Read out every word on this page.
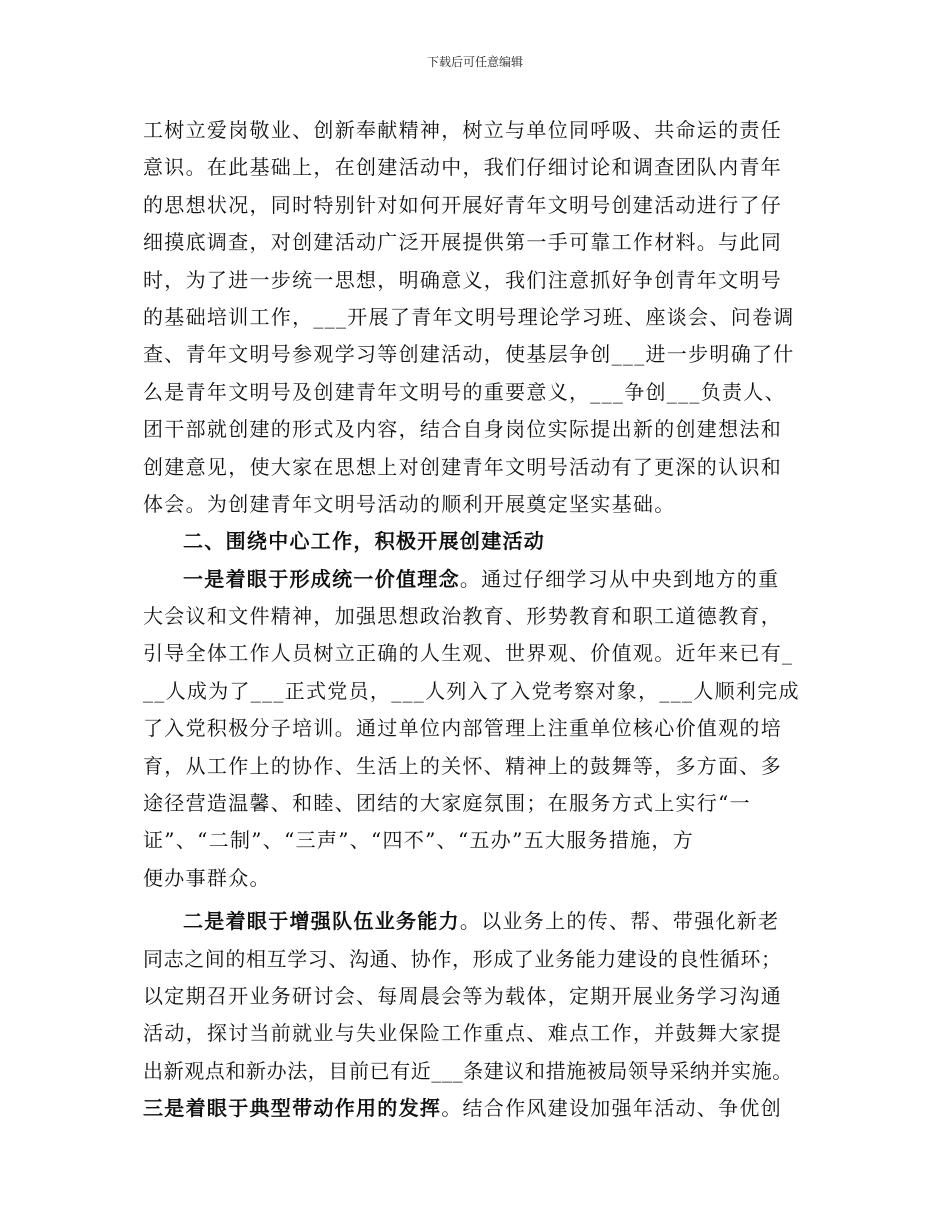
下载后可任意编辑
工树立爱岗敬业、创新奉献精神，树立与单位同呼吸、共命运的责任
意识。在此基础上，在创建活动中，我们仔细讨论和调查团队内青年
的思想状况，同时特别针对如何开展好青年文明号创建活动进行了仔
细摸底调查，对创建活动广泛开展提供第一手可靠工作材料。与此同
时，为了进一步统一思想，明确意义，我们注意抓好争创青年文明号
的基础培训工作，___开展了青年文明号理论学习班、座谈会、问卷调
查、青年文明号参观学习等创建活动，使基层争创___进一步明确了什
么是青年文明号及创建青年文明号的重要意义，___争创___负责人、
团干部就创建的形式及内容，结合自身岗位实际提出新的创建想法和
创建意见，使大家在思想上对创建青年文明号活动有了更深的认识和
体会。为创建青年文明号活动的顺利开展奠定坚实基础。
二、围绕中心工作，积极开展创建活动
一是着眼于形成统一价值理念。通过仔细学习从中央到地方的重
大会议和文件精神，加强思想政治教育、形势教育和职工道德教育，
引导全体工作人员树立正确的人生观、世界观、价值观。近年来已有_
__人成为了___正式党员，___人列入了入党考察对象，___人顺利完成
了入党积极分子培训。通过单位内部管理上注重单位核心价值观的培
育，从工作上的协作、生活上的关怀、精神上的鼓舞等，多方面、多
途径营造温馨、和睦、团结的大家庭氛围；在服务方式上实行“一
证”、“二制”、“三声”、“四不”、“五办”五大服务措施，方
便办事群众。
二是着眼于增强队伍业务能力。以业务上的传、帮、带强化新老
同志之间的相互学习、沟通、协作，形成了业务能力建设的良性循环；
以定期召开业务研讨会、每周晨会等为载体，定期开展业务学习沟通
活动，探讨当前就业与失业保险工作重点、难点工作，并鼓舞大家提
出新观点和新办法，目前已有近___条建议和措施被局领导采纳并实施。
三是着眼于典型带动作用的发挥。结合作风建设加强年活动、争优创
